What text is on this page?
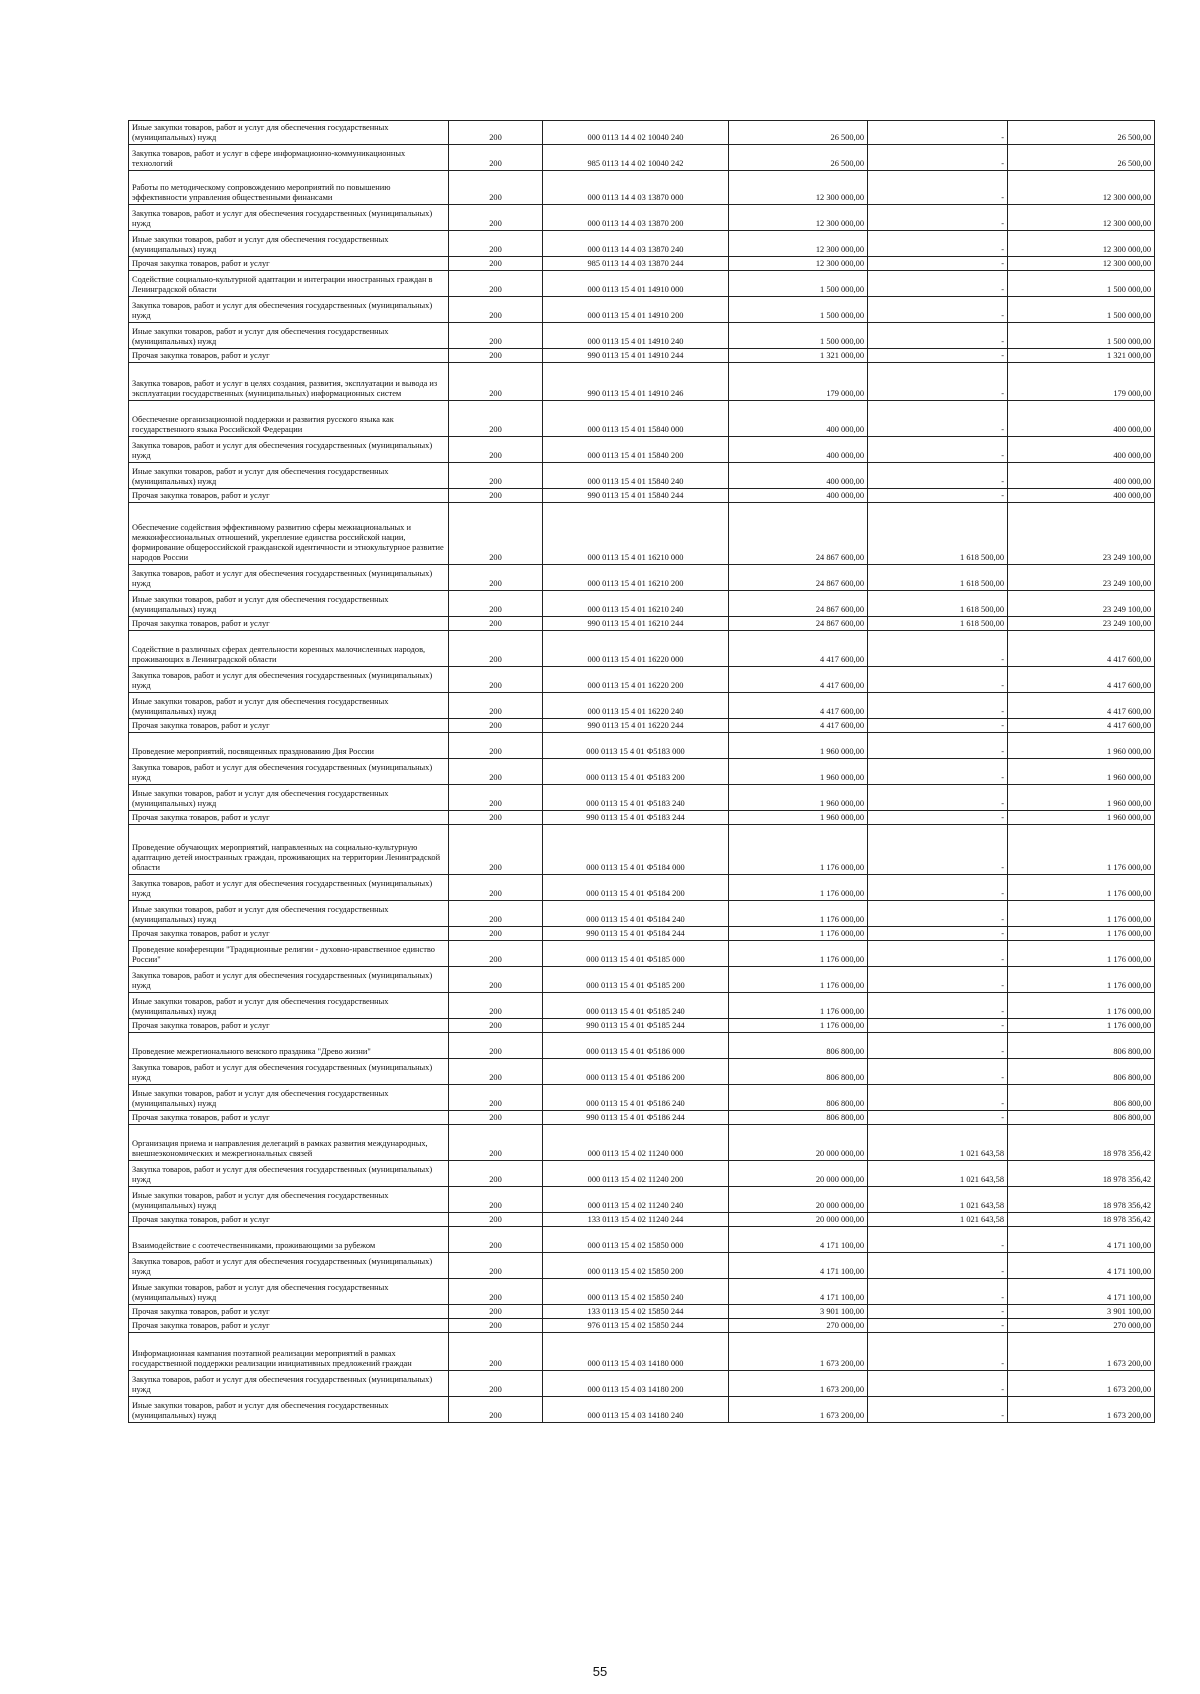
Иные закупки товаров, работ и услуг для обеспечения государственных (муниципальных) нужд	200	000 0113 14 4 02 10040 240	26 500,00	-	26 500,00
Закупка товаров, работ и услуг в сфере информационно-коммуникационных технологий	200	985 0113 14 4 02 10040 242	26 500,00	-	26 500,00
Работы по методическому сопровождению мероприятий по повышению эффективности управления общественными финансами	200	000 0113 14 4 03 13870 000	12 300 000,00	-	12 300 000,00
Закупка товаров, работ и услуг для обеспечения государственных (муниципальных) нужд	200	000 0113 14 4 03 13870 200	12 300 000,00	-	12 300 000,00
Иные закупки товаров, работ и услуг для обеспечения государственных (муниципальных) нужд	200	000 0113 14 4 03 13870 240	12 300 000,00	-	12 300 000,00
Прочая закупка товаров, работ и услуг	200	985 0113 14 4 03 13870 244	12 300 000,00	-	12 300 000,00
Содействие социально-культурной адаптации и интеграции иностранных граждан в Ленинградской области	200	000 0113 15 4 01 14910 000	1 500 000,00	-	1 500 000,00
Закупка товаров, работ и услуг для обеспечения государственных (муниципальных) нужд	200	000 0113 15 4 01 14910 200	1 500 000,00	-	1 500 000,00
Иные закупки товаров, работ и услуг для обеспечения государственных (муниципальных) нужд	200	000 0113 15 4 01 14910 240	1 500 000,00	-	1 500 000,00
Прочая закупка товаров, работ и услуг	200	990 0113 15 4 01 14910 244	1 321 000,00	-	1 321 000,00
Закупка товаров, работ и услуг в целях создания, развития, эксплуатации и вывода из эксплуатации государственных (муниципальных) информационных систем	200	990 0113 15 4 01 14910 246	179 000,00	-	179 000,00
Обеспечение организационной поддержки и развития русского языка как государственного языка Российской Федерации	200	000 0113 15 4 01 15840 000	400 000,00	-	400 000,00
Закупка товаров, работ и услуг для обеспечения государственных (муниципальных) нужд	200	000 0113 15 4 01 15840 200	400 000,00	-	400 000,00
Иные закупки товаров, работ и услуг для обеспечения государственных (муниципальных) нужд	200	000 0113 15 4 01 15840 240	400 000,00	-	400 000,00
Прочая закупка товаров, работ и услуг	200	990 0113 15 4 01 15840 244	400 000,00	-	400 000,00
Обеспечение содействия эффективному развитию сферы межнациональных и межконфессиональных отношений, укрепление единства российской нации, формирование общероссийской гражданской идентичности и этнокультурное развитие народов России	200	000 0113 15 4 01 16210 000	24 867 600,00	1 618 500,00	23 249 100,00
Закупка товаров, работ и услуг для обеспечения государственных (муниципальных) нужд	200	000 0113 15 4 01 16210 200	24 867 600,00	1 618 500,00	23 249 100,00
Иные закупки товаров, работ и услуг для обеспечения государственных (муниципальных) нужд	200	000 0113 15 4 01 16210 240	24 867 600,00	1 618 500,00	23 249 100,00
Прочая закупка товаров, работ и услуг	200	990 0113 15 4 01 16210 244	24 867 600,00	1 618 500,00	23 249 100,00
Содействие в различных сферах деятельности коренных малочисленных народов, проживающих в Ленинградской области	200	000 0113 15 4 01 16220 000	4 417 600,00	-	4 417 600,00
Закупка товаров, работ и услуг для обеспечения государственных (муниципальных) нужд	200	000 0113 15 4 01 16220 200	4 417 600,00	-	4 417 600,00
Иные закупки товаров, работ и услуг для обеспечения государственных (муниципальных) нужд	200	000 0113 15 4 01 16220 240	4 417 600,00	-	4 417 600,00
Прочая закупка товаров, работ и услуг	200	990 0113 15 4 01 16220 244	4 417 600,00	-	4 417 600,00
Проведение мероприятий, посвященных празднованию Дня России	200	000 0113 15 4 01 Ф5183 000	1 960 000,00	-	1 960 000,00
Закупка товаров, работ и услуг для обеспечения государственных (муниципальных) нужд	200	000 0113 15 4 01 Ф5183 200	1 960 000,00	-	1 960 000,00
Иные закупки товаров, работ и услуг для обеспечения государственных (муниципальных) нужд	200	000 0113 15 4 01 Ф5183 240	1 960 000,00	-	1 960 000,00
Прочая закупка товаров, работ и услуг	200	990 0113 15 4 01 Ф5183 244	1 960 000,00	-	1 960 000,00
Проведение обучающих мероприятий, направленных на социально-культурную адаптацию детей иностранных граждан, проживающих на территории Ленинградской области	200	000 0113 15 4 01 Ф5184 000	1 176 000,00	-	1 176 000,00
Закупка товаров, работ и услуг для обеспечения государственных (муниципальных) нужд	200	000 0113 15 4 01 Ф5184 200	1 176 000,00	-	1 176 000,00
Иные закупки товаров, работ и услуг для обеспечения государственных (муниципальных) нужд	200	000 0113 15 4 01 Ф5184 240	1 176 000,00	-	1 176 000,00
Прочая закупка товаров, работ и услуг	200	990 0113 15 4 01 Ф5184 244	1 176 000,00	-	1 176 000,00
Проведение конференции "Традиционные религии - духовно-нравственное единство России"	200	000 0113 15 4 01 Ф5185 000	1 176 000,00	-	1 176 000,00
Закупка товаров, работ и услуг для обеспечения государственных (муниципальных) нужд	200	000 0113 15 4 01 Ф5185 200	1 176 000,00	-	1 176 000,00
Иные закупки товаров, работ и услуг для обеспечения государственных (муниципальных) нужд	200	000 0113 15 4 01 Ф5185 240	1 176 000,00	-	1 176 000,00
Прочая закупка товаров, работ и услуг	200	990 0113 15 4 01 Ф5185 244	1 176 000,00	-	1 176 000,00
Проведение межрегионального венского праздника "Древо жизни"	200	000 0113 15 4 01 Ф5186 000	806 800,00	-	806 800,00
Закупка товаров, работ и услуг для обеспечения государственных (муниципальных) нужд	200	000 0113 15 4 01 Ф5186 200	806 800,00	-	806 800,00
Иные закупки товаров, работ и услуг для обеспечения государственных (муниципальных) нужд	200	000 0113 15 4 01 Ф5186 240	806 800,00	-	806 800,00
Прочая закупка товаров, работ и услуг	200	990 0113 15 4 01 Ф5186 244	806 800,00	-	806 800,00
Организация приема и направления делегаций в рамках развития международных, внешнеэкономических и межрегиональных связей	200	000 0113 15 4 02 11240 000	20 000 000,00	1 021 643,58	18 978 356,42
Закупка товаров, работ и услуг для обеспечения государственных (муниципальных) нужд	200	000 0113 15 4 02 11240 200	20 000 000,00	1 021 643,58	18 978 356,42
Иные закупки товаров, работ и услуг для обеспечения государственных (муниципальных) нужд	200	000 0113 15 4 02 11240 240	20 000 000,00	1 021 643,58	18 978 356,42
Прочая закупка товаров, работ и услуг	200	133 0113 15 4 02 11240 244	20 000 000,00	1 021 643,58	18 978 356,42
Взаимодействие с соотечественниками, проживающими за рубежом	200	000 0113 15 4 02 15850 000	4 171 100,00	-	4 171 100,00
Закупка товаров, работ и услуг для обеспечения государственных (муниципальных) нужд	200	000 0113 15 4 02 15850 200	4 171 100,00	-	4 171 100,00
Иные закупки товаров, работ и услуг для обеспечения государственных (муниципальных) нужд	200	000 0113 15 4 02 15850 240	4 171 100,00	-	4 171 100,00
Прочая закупка товаров, работ и услуг	200	133 0113 15 4 02 15850 244	3 901 100,00	-	3 901 100,00
Прочая закупка товаров, работ и услуг	200	976 0113 15 4 02 15850 244	270 000,00	-	270 000,00
Информационная кампания поэтапной реализации мероприятий в рамках государственной поддержки реализации инициативных предложений граждан	200	000 0113 15 4 03 14180 000	1 673 200,00	-	1 673 200,00
Закупка товаров, работ и услуг для обеспечения государственных (муниципальных) нужд	200	000 0113 15 4 03 14180 200	1 673 200,00	-	1 673 200,00
Иные закупки товаров, работ и услуг для обеспечения государственных (муниципальных) нужд	200	000 0113 15 4 03 14180 240	1 673 200,00	-	1 673 200,00
55
